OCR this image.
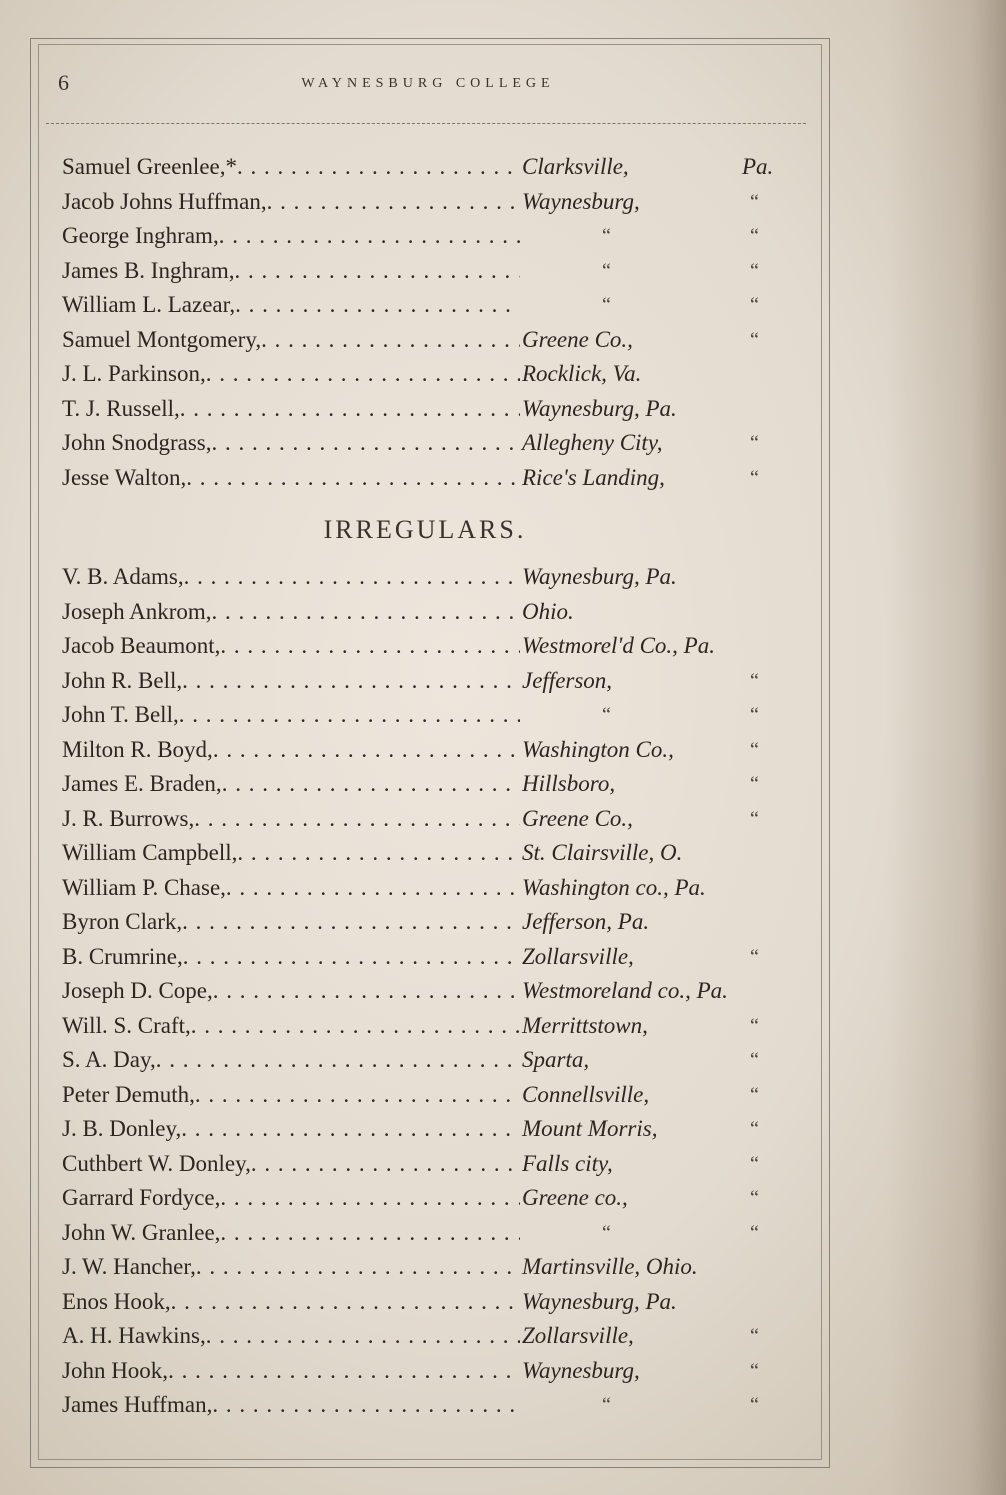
6	WAYNESBURG COLLEGE
Samuel Greenlee,* . . .	Clarksville,	Pa.
Jacob Johns Huffman, . . .	Waynesburg,	“
George Inghram, . . .	“	“
James B. Inghram, . . .	“	“
William L. Lazear, . . .	“	“
Samuel Montgomery, . . .	Greene Co.,	“
J. L. Parkinson, . . .	Rocklick, Va.
T. J. Russell, . . .	Waynesburg, Pa.
John Snodgrass, . . .	Allegheny City,	“
Jesse Walton, . . .	Rice's Landing,	“
IRREGULARS.
V. B. Adams, . . .	Waynesburg, Pa.
Joseph Ankrom, . . .	Ohio.
Jacob Beaumont, . . .	Westmorel'd Co., Pa.
John R. Bell, . . .	Jefferson,	“
John T. Bell, . . .	“	“
Milton R. Boyd, . . .	Washington Co.,	“
James E. Braden, . . .	Hillsboro,	“
J. R. Burrows, . . .	Greene Co.,	“
William Campbell, . . .	St. Clairsville, O.
William P. Chase, . . .	Washington co., Pa.
Byron Clark, . . .	Jefferson, Pa.
B. Crumrine, . . .	Zollarsville,	“
Joseph D. Cope, . . .	Westmoreland co., Pa.
Will. S. Craft, . . .	Merrittstown,	“
S. A. Day, . . .	Sparta,	“
Peter Demuth, . . .	Connellsville,	“
J. B. Donley, . . .	Mount Morris,	“
Cuthbert W. Donley, . . .	Falls city,	“
Garrard Fordyce, . . .	Greene co.,	“
John W. Granlee, . . .	“	“
J. W. Hancher, . . .	Martinsville, Ohio.
Enos Hook, . . .	Waynesburg, Pa.
A. H. Hawkins, . . .	Zollarsville,	“
John Hook, . . .	Waynesburg,	“
James Huffman, . . .	“	“
